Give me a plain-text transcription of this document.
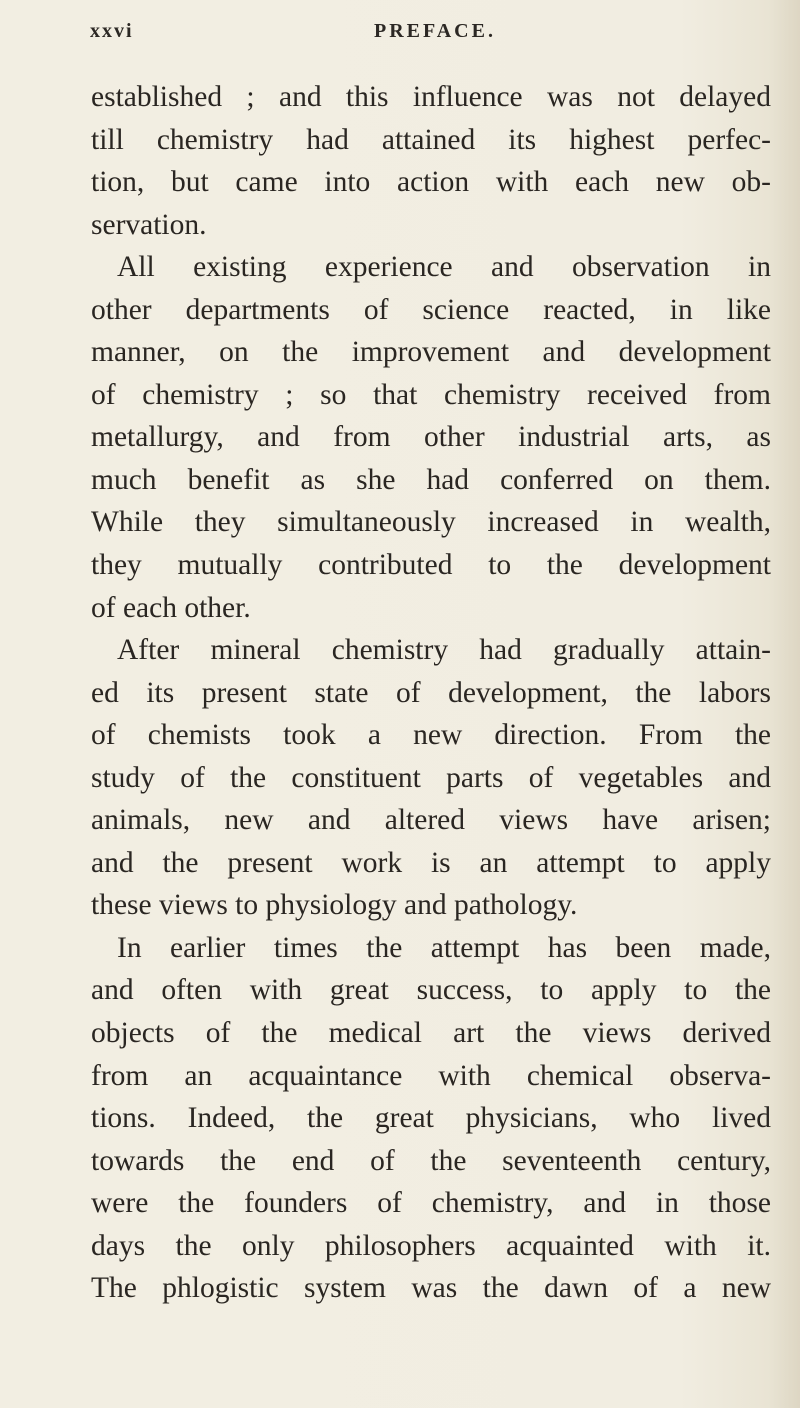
xxvi	PREFACE.
established ; and this influence was not delayed
till chemistry had attained its highest perfec-
tion, but came into action with each new ob-
servation.
All existing experience and observation in
other departments of science reacted, in like
manner, on the improvement and development
of chemistry ; so that chemistry received from
metallurgy, and from other industrial arts, as
much benefit as she had conferred on them.
While they simultaneously increased in wealth,
they mutually contributed to the development
of each other.
After mineral chemistry had gradually attain-
ed its present state of development, the labors
of chemists took a new direction. From the
study of the constituent parts of vegetables and
animals, new and altered views have arisen;
and the present work is an attempt to apply
these views to physiology and pathology.
In earlier times the attempt has been made,
and often with great success, to apply to the
objects of the medical art the views derived
from an acquaintance with chemical observa-
tions. Indeed, the great physicians, who lived
towards the end of the seventeenth century,
were the founders of chemistry, and in those
days the only philosophers acquainted with it.
The phlogistic system was the dawn of a new
